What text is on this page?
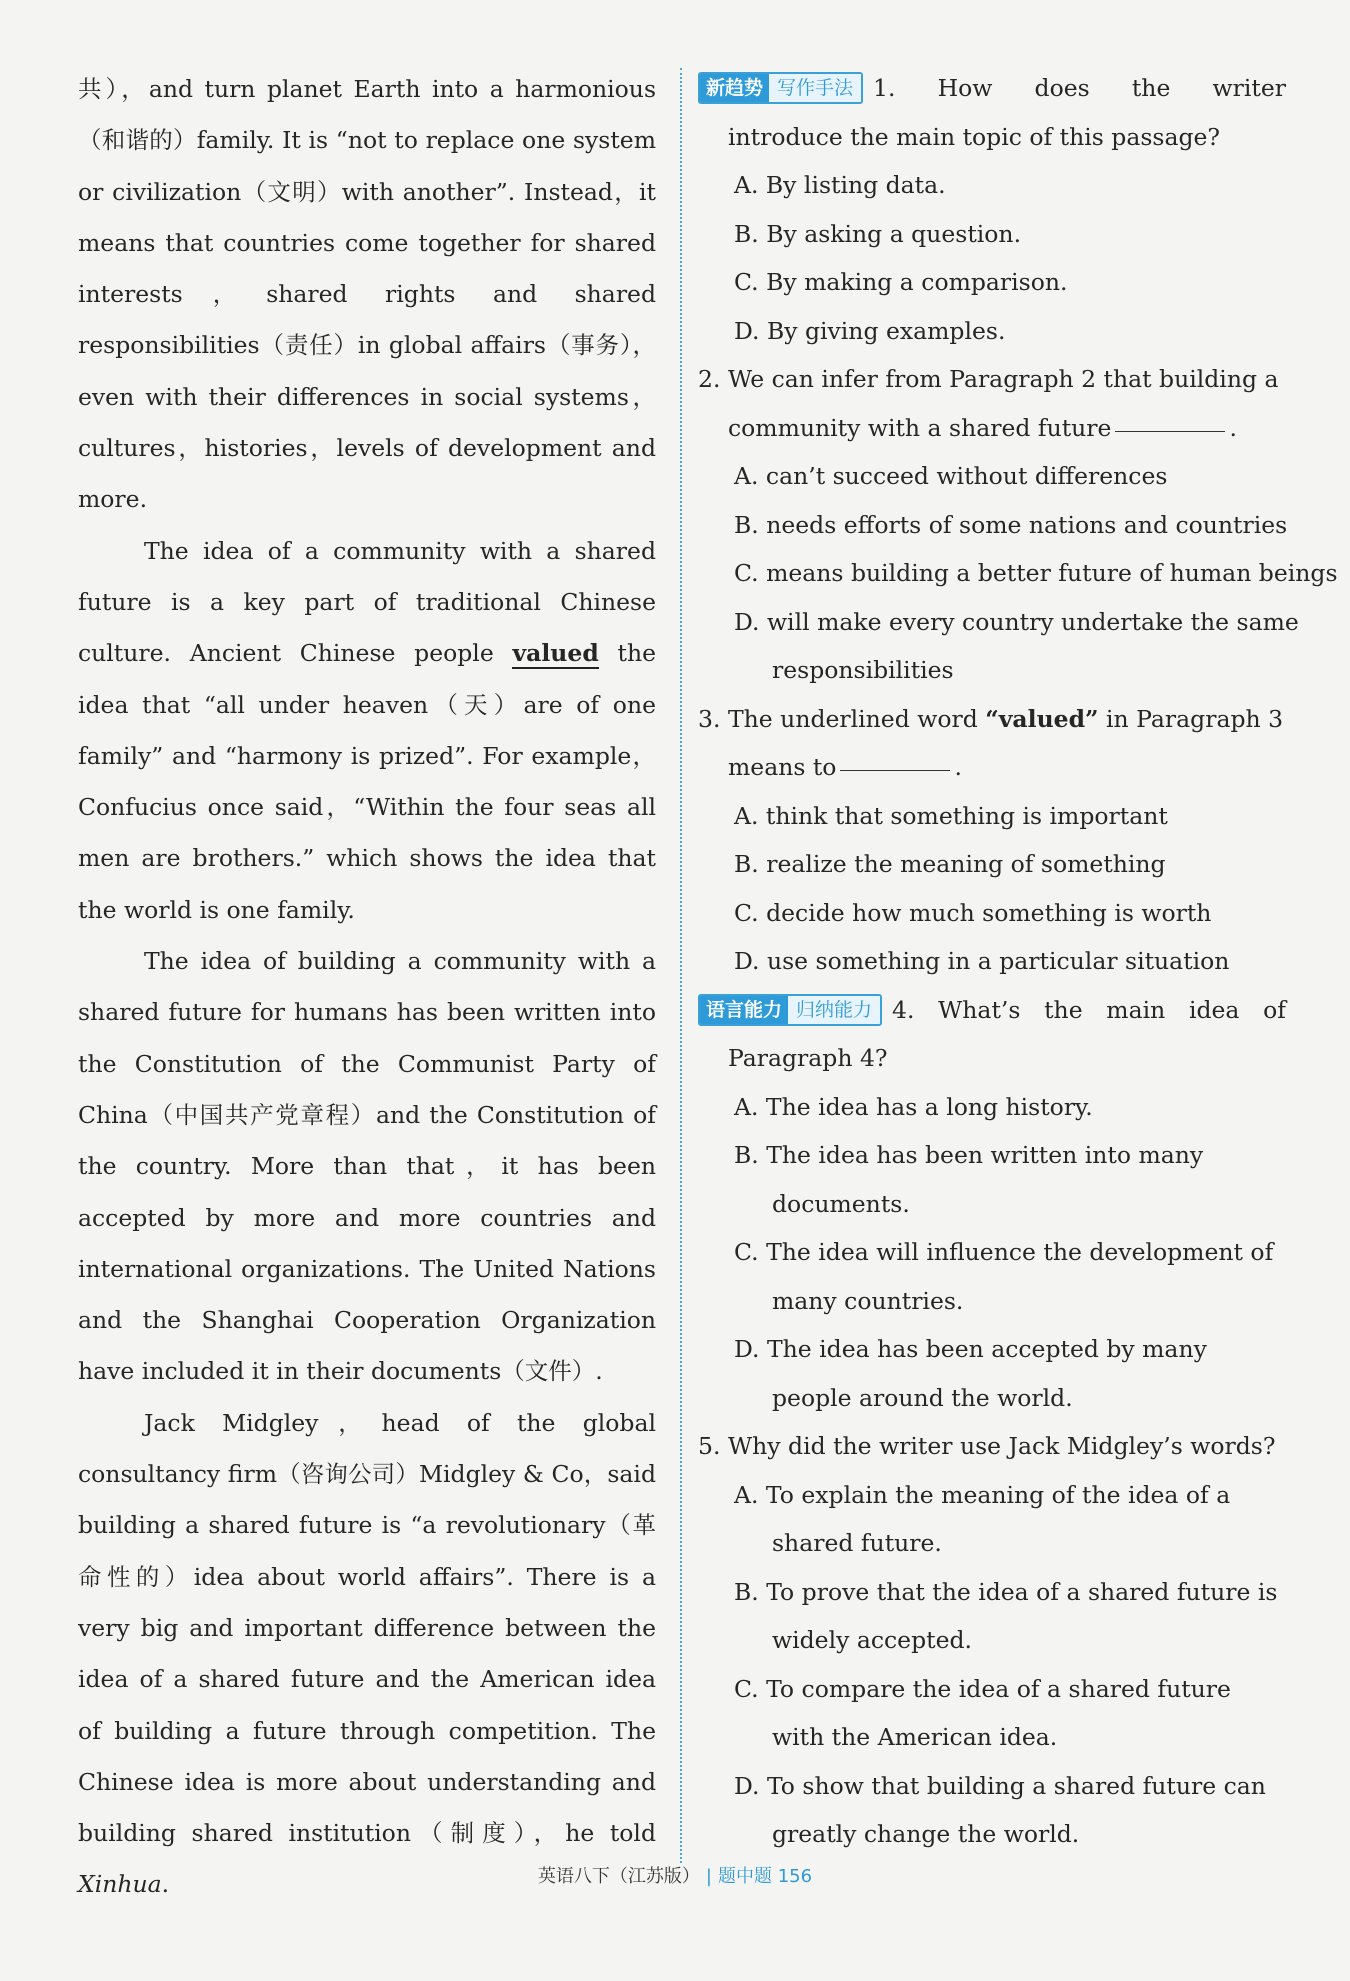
共），and turn planet Earth into a harmonious（和谐的）family. It is “not to replace one system or civilization（文明）with another”. Instead，it means that countries come together for shared interests，shared rights and shared responsibilities（责任）in global affairs（事务），even with their differences in social systems，cultures，histories，levels of development and more.

The idea of a community with a shared future is a key part of traditional Chinese culture. Ancient Chinese people valued the idea that “all under heaven（天）are of one family” and “harmony is prized”. For example，Confucius once said，“Within the four seas all men are brothers.” which shows the idea that the world is one family.

The idea of building a community with a shared future for humans has been written into the Constitution of the Communist Party of China（中国共产党章程）and the Constitution of the country. More than that，it has been accepted by more and more countries and international organizations. The United Nations and the Shanghai Cooperation Organization have included it in their documents（文件）.

Jack Midgley，head of the global consultancy firm（咨询公司）Midgley & Co，said building a shared future is “a revolutionary（革命性的）idea about world affairs”. There is a very big and important difference between the idea of a shared future and the American idea of building a future through competition. The Chinese idea is more about understanding and building shared institution（制度），he told Xinhua.

新趋势 写作手法 1. How does the writer
introduce the main topic of this passage?
A. By listing data.
B. By asking a question.
C. By making a comparison.
D. By giving examples.
2. We can infer from Paragraph 2 that building a
community with a shared future	.
A. can’t succeed without differences
B. needs efforts of some nations and countries
C. means building a better future of human beings
D. will make every country undertake the same
responsibilities
3. The underlined word “valued” in Paragraph 3
means to	.
A. think that something is important
B. realize the meaning of something
C. decide how much something is worth
D. use something in a particular situation
语言能力 归纳能力 4. What’s the main idea of
Paragraph 4?
A. The idea has a long history.
B. The idea has been written into many
documents.
C. The idea will influence the development of
many countries.
D. The idea has been accepted by many
people around the world.
5. Why did the writer use Jack Midgley’s words?
A. To explain the meaning of the idea of a
shared future.
B. To prove that the idea of a shared future is
widely accepted.
C. To compare the idea of a shared future
with the American idea.
D. To show that building a shared future can
greatly change the world.
英语八下（江苏版） | 题中题 156
